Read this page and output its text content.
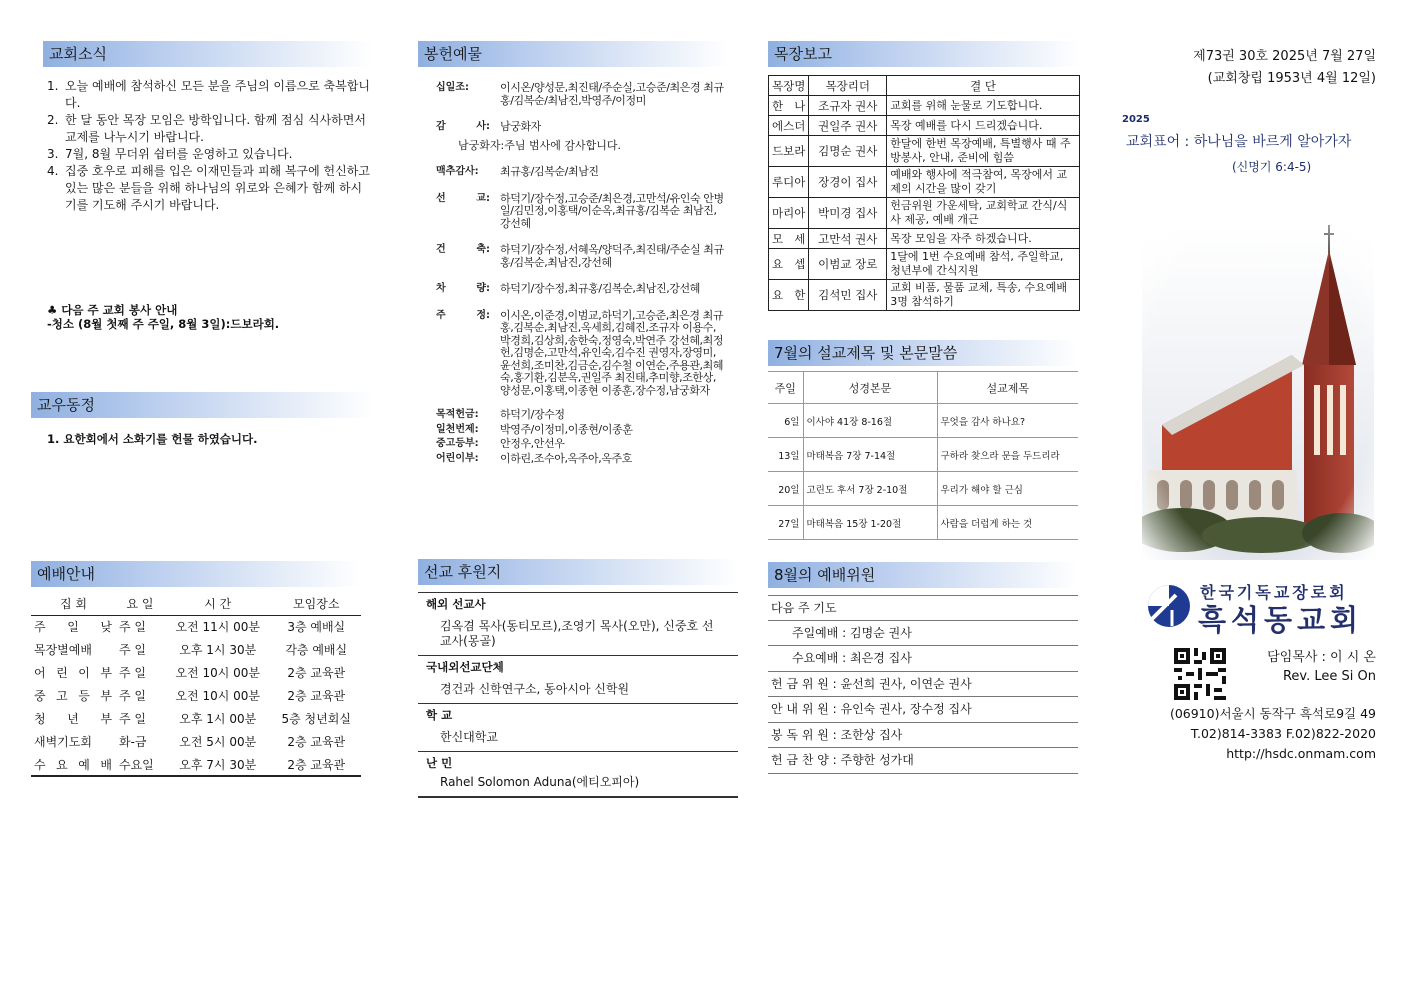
교회소식
1. 오늘 예배에 참석하신 모든 분을 주님의 이름으로 축복합니다.
2. 한 달 동안 목장 모임은 방학입니다. 함께 점심 식사하면서 교제를 나누시기 바랍니다.
3. 7월, 8월 무더위 쉼터를 운영하고 있습니다.
4. 집중 호우로 피해를 입은 이재민들과 피해 복구에 헌신하고 있는 많은 분들을 위해 하나님의 위로와 은혜가 함께 하시기를 기도해 주시기 바랍니다.
♣ 다음 주 교회 봉사 안내
-청소 (8월 첫째 주 주일, 8월 3일):드보라회.
교우동정
1. 요한회에서 소화기를 헌물 하였습니다.
예배안내
집 회	요 일	시 간	모임장소
주 일 낮	주 일	오전 11시 00분	3층 예배실
목장별예배	주 일	오후 1시 30분	각층 예배실
어 린 이 부	주 일	오전 10시 00분	2층 교육관
중 고 등 부	주 일	오전 10시 00분	2층 교육관
청 년 부	주 일	오후 1시 00분	5층 청년회실
새벽기도회	화-금	오전 5시 00분	2층 교육관
수 요 예 배	수요일	오후 7시 30분	2층 교육관
봉헌예물
십일조:	이시온/양성문,최진태/주순실,고승준/최은경 최규홍/김복순/최남진,박영주/이정미

감 사:	남궁화자

남궁화자:주님 범사에 감사합니다.	

맥추감사:	최규홍/김복순/최남진

선 교:	하덕기/장수정,고승준/최은경,고만석/유인숙 안병일/김민정,이홍택/이순옥,최규홍/김복순 최남진,강선혜

건 축:	하덕기/장수정,서혜옥/양덕주,최진태/주순실 최규홍/김복순,최남진,강선혜

차 량:	하덕기/장수정,최규홍/김복순,최남진,강선혜

주 정:	이시온,이준경,이범교,하덕기,고승준,최은경 최규홍,김복순,최남진,옥세희,김혜진,조규자 이용수,박경희,김상희,송한숙,정영숙,박연주 강선혜,최정헌,김명순,고만석,유인숙,김수진 권영자,장영미,윤선희,조미찬,김금순,김수철 이연순,주용관,최혜숙,홍기환,김분옥,권일주 최진태,추미향,조한상,양성문,이홍택,이종현 이종훈,장수정,남궁화자

목적헌금:	하덕기/장수정

일천번제:	박영주/이정미,이종현/이종훈

중고등부:	안정우,안선우

어린이부:	이하린,조수아,옥주아,옥주호
선교 후원지
해외 선교사
김옥겸 목사(동티모르),조영기 목사(오만), 신중호 선교사(몽골)
국내외선교단체
경건과 신학연구소, 동아시아 신학원
학 교
한신대학교
난 민
Rahel Solomon Aduna(에티오피아)
목장보고
목장명	목장리더	결 단
한 나	조규자 권사	교회를 위해 눈물로 기도합니다.
에스더	권일주 권사	목장 예배를 다시 드리겠습니다.
드보라	김명순 권사	한달에 한번 목장예배, 특별행사 때 주방봉사, 안내, 준비에 힘씀
루디아	장경이 집사	예배와 행사에 적극참여, 목장에서 교제의 시간을 많이 갖기
마리아	박미경 집사	헌금위원 가운세탁, 교회학교 간식/식사 제공, 예배 개근
모 세	고만석 권사	목장 모임을 자주 하겠습니다.
요 셉	이범교 장로	1달에 1번 수요예배 참석, 주일학교, 청년부에 간식지원
요 한	김석민 집사	교회 비품, 물품 교체, 특송, 수요예배 3명 참석하기
7월의 설교제목 및 본문말씀
주일	성경본문	설교제목
6일	이사야 41장 8-16절	무엇을 감사 하나요?
13일	마태복음 7장 7-14절	구하라 찾으라 문을 두드리라
20일	고린도 후서 7장 2-10절	우리가 해야 할 근심
27일	마태복음 15장 1-20절	사람을 더럽게 하는 것
8월의 예배위원
다음 주 기도
주일예배 : 김명순 권사
수요예배 : 최은경 집사
헌 금 위 원 : 윤선희 권사, 이연순 권사
안 내 위 원 : 유인숙 권사, 장수정 집사
봉 독 위 원 : 조한상 집사
헌 금 찬 양 : 주향한 성가대
제73권 30호 2025년 7월 27일
(교회창립 1953년 4월 12일)
2025
교회표어 : 하나님을 바르게 알아가자
(신명기 6:4-5)
한국기독교장로회
흑석동교회
담임목사 : 이 시 온
Rev. Lee Si On
(06910)서울시 동작구 흑석로9길 49
T.02)814-3383 F.02)822-2020
http://hsdc.onmam.com
